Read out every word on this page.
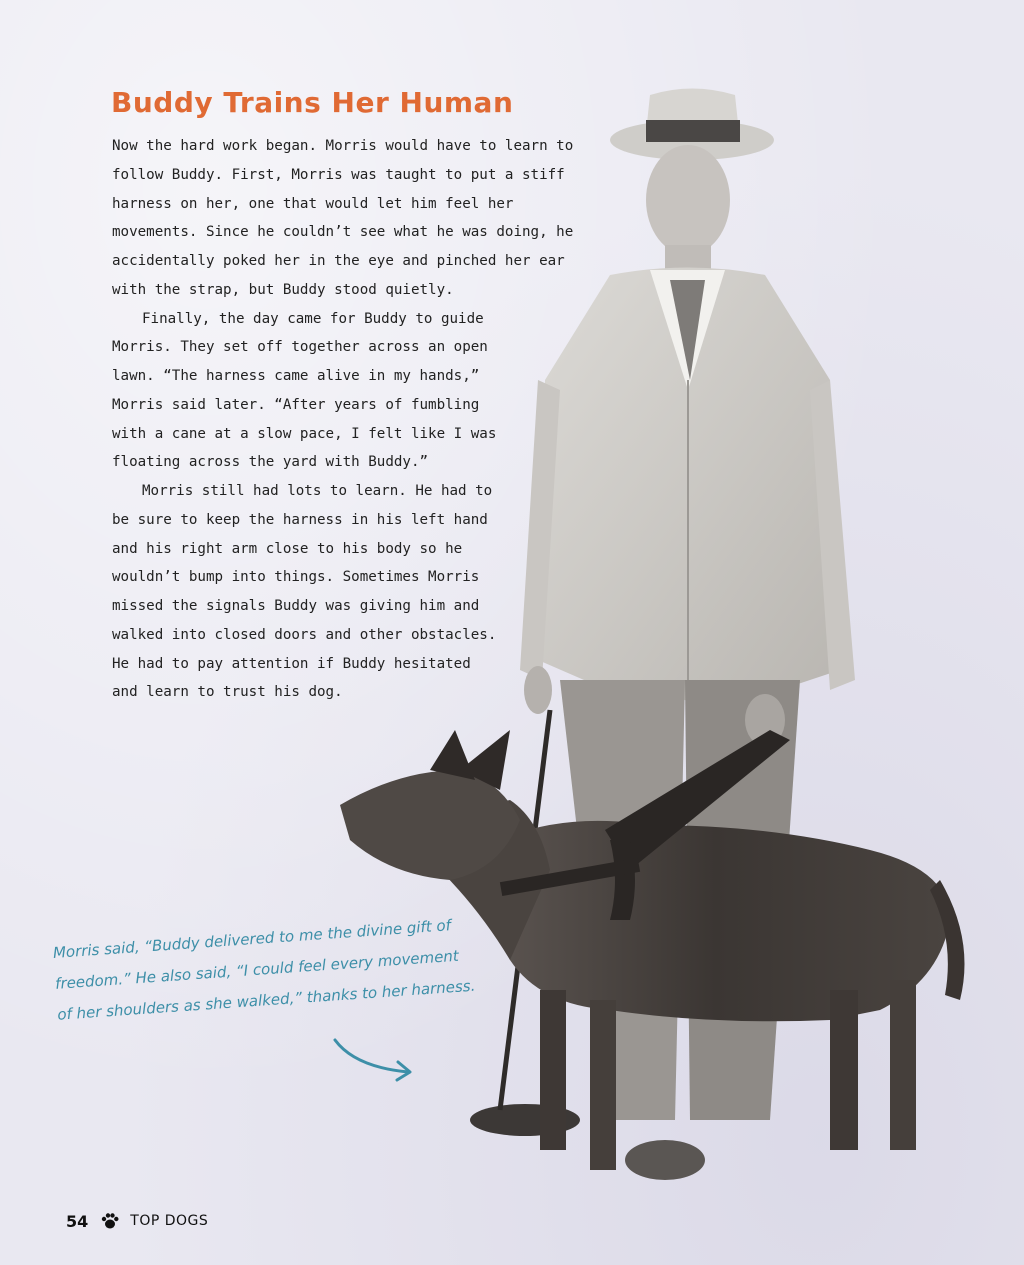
Buddy Trains Her Human

Now the hard work began. Morris would have to learn to follow Buddy. First, Morris was taught to put a stiff harness on her, one that would let him feel her movements. Since he couldn’t see what he was doing, he accidentally poked her in the eye and pinched her ear with the strap, but Buddy stood quietly.

Finally, the day came for Buddy to guide Morris. They set off together across an open lawn. “The harness came alive in my hands,” Morris said later. “After years of fumbling with a cane at a slow pace, I felt like I was floating across the yard with Buddy.”

Morris still had lots to learn. He had to be sure to keep the harness in his left hand and his right arm close to his body so he wouldn’t bump into things. Sometimes Morris missed the signals Buddy was giving him and walked into closed doors and other obstacles. He had to pay attention if Buddy hesitated and learn to trust his dog.

Morris said, “Buddy delivered to me the divine gift of freedom.” He also said, “I could feel every movement of her shoulders as she walked,” thanks to her harness.
54	TOP DOGS
